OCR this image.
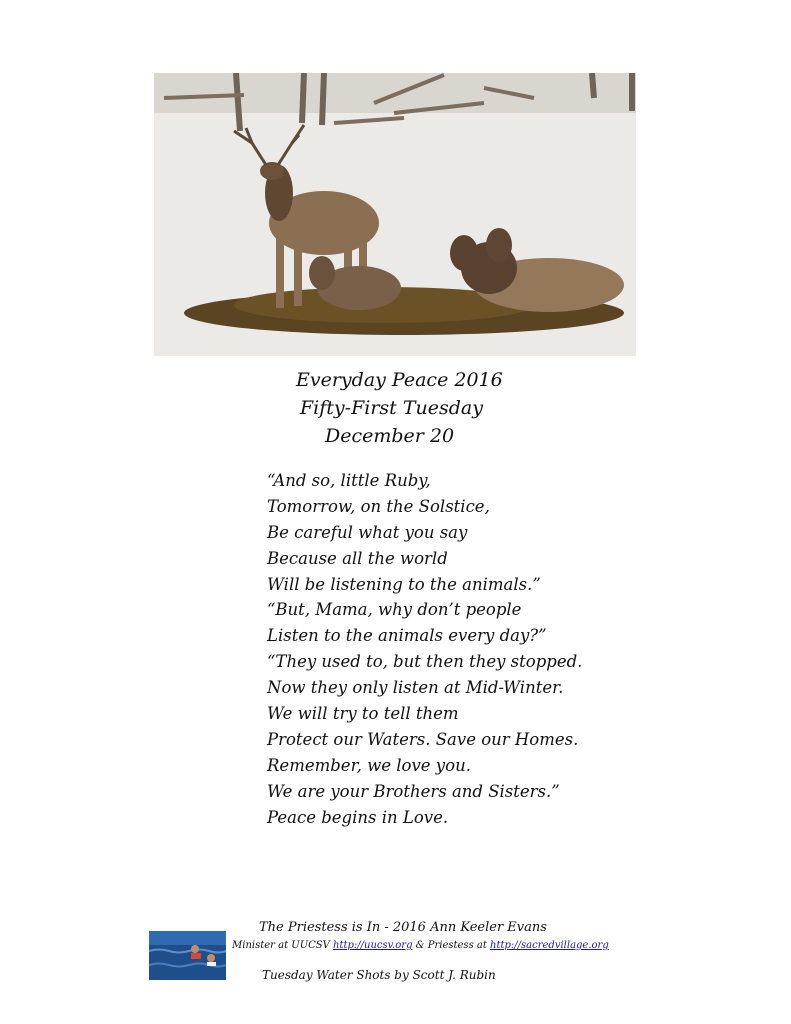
Everyday Peace 2016
Fifty-First Tuesday
December 20
“And so, little Ruby,
Tomorrow, on the Solstice,
Be careful what you say
Because all the world
Will be listening to the animals.”
“But, Mama, why don’t people
Listen to the animals every day?”
“They used to, but then they stopped.
Now they only listen at Mid-Winter.
We will try to tell them
Protect our Waters. Save our Homes.
Remember, we love you.
We are your Brothers and Sisters.”
Peace begins in Love.
The Priestess is In - 2016 Ann Keeler Evans
Minister at UUCSV http://uucsv.org & Priestess at http://sacredvillage.org
Tuesday Water Shots by Scott J. Rubin
